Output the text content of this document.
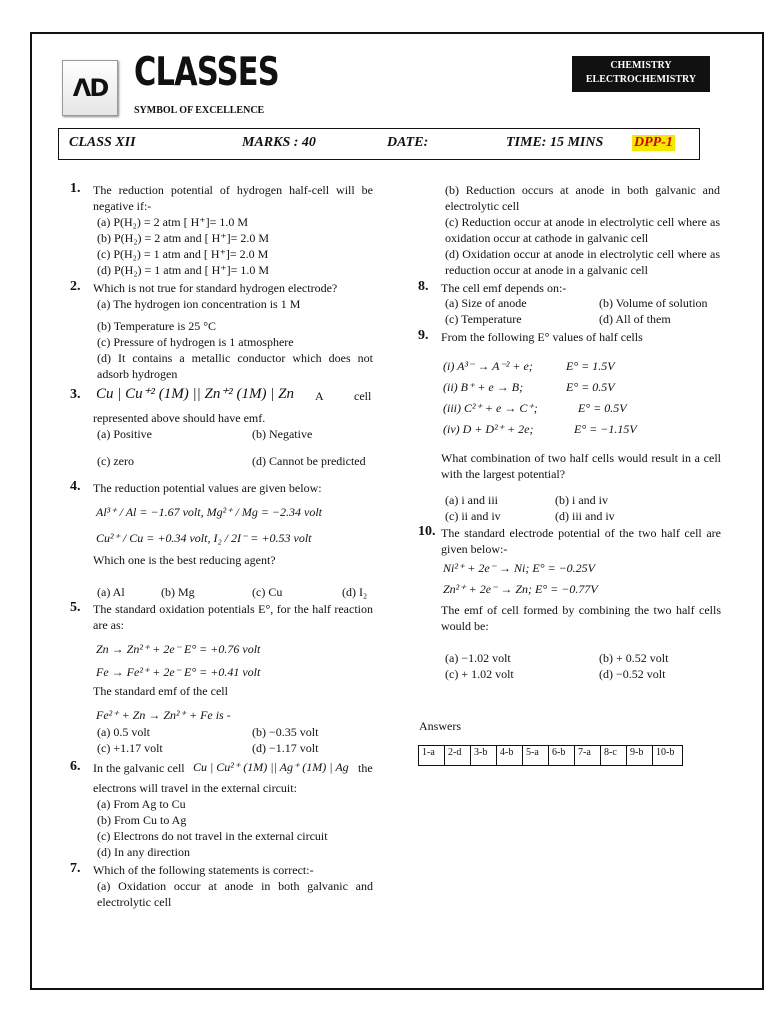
ΛD CLASSES
SYMBOL OF EXCELLENCE
CHEMISTRY
ELECTROCHEMISTRY
CLASS XII	MARKS : 40	DATE:	TIME: 15 MINS DPP-1
1. The reduction potential of hydrogen half-cell will be negative if:-
(a) P(H₂) = 2 atm [ H⁺]= 1.0 M
(b) P(H₂) = 2 atm and [ H⁺]= 2.0 M
(c) P(H₂) = 1 atm and [ H⁺]= 2.0 M
(d) P(H₂) = 1 atm and [ H⁺]= 1.0 M
2. Which is not true for standard hydrogen electrode?
(a) The hydrogen ion concentration is 1 M
(b) Temperature is 25 °C
(c) Pressure of hydrogen is 1 atmosphere
(d) It contains a metallic conductor which does not adsorb hydrogen
3. Cu | Cu⁺² (1M) || Zn⁺² (1M) | Zn A	cell
represented above should have emf.
(a) Positive	(b) Negative
(c) zero	(d) Cannot be predicted
4. The reduction potential values are given below:
Al³⁺ / Al = −1.67 volt, Mg²⁺ / Mg = −2.34 volt
Cu²⁺ / Cu = +0.34 volt, I₂ / 2I⁻ = +0.53 volt
Which one is the best reducing agent?
(a) Al	(b) Mg	(c) Cu	(d) I₂
5. The standard oxidation potentials E°, for the half reaction are as:
Zn → Zn²⁺ + 2e⁻ E° = +0.76 volt
Fe → Fe²⁺ + 2e⁻ E° = +0.41 volt
The standard emf of the cell
Fe²⁺ + Zn → Zn²⁺ + Fe is -
(a) 0.5 volt	(b) −0.35 volt
(c) +1.17 volt	(d) −1.17 volt
6. In the galvanic cell Cu | Cu²⁺ (1M) || Ag⁺ (1M) | Ag the
electrons will travel in the external circuit:
(a) From Ag to Cu
(b) From Cu to Ag
(c) Electrons do not travel in the external circuit
(d) In any direction
7. Which of the following statements is correct:-
(a) Oxidation occur at anode in both galvanic and electrolytic cell
(b) Reduction occurs at anode in both galvanic and electrolytic cell
(c) Reduction occur at anode in electrolytic cell where as oxidation occur at cathode in galvanic cell
(d) Oxidation occur at anode in electrolytic cell where as reduction occur at anode in a galvanic cell
8. The cell emf depends on:-
(a) Size of anode	(b) Volume of solution
(c) Temperature	(d) All of them
9. From the following E° values of half cells
(i) A³⁻ → A⁻² + e;	E° = 1.5V
(ii) B⁺ + e → B;	E° = 0.5V
(iii) C²⁺ + e → C⁺;	E° = 0.5V
(iv) D + D²⁺ + 2e;	E° = −1.15V
What combination of two half cells would result in a cell with the largest potential?
(a) i and iii	(b) i and iv
(c) ii and iv	(d) iii and iv
10. The standard electrode potential of the two half cell are given below:-
Ni²⁺ + 2e⁻ → Ni; E° = −0.25V
Zn²⁺ + 2e⁻ → Zn; E° = −0.77V
The emf of cell formed by combining the two half cells would be:
(a) −1.02 volt	(b) + 0.52 volt
(c) + 1.02 volt	(d) −0.52 volt
Answers
1-a	2-d	3-b	4-b	5-a	6-b	7-a	8-c	9-b	10-b
